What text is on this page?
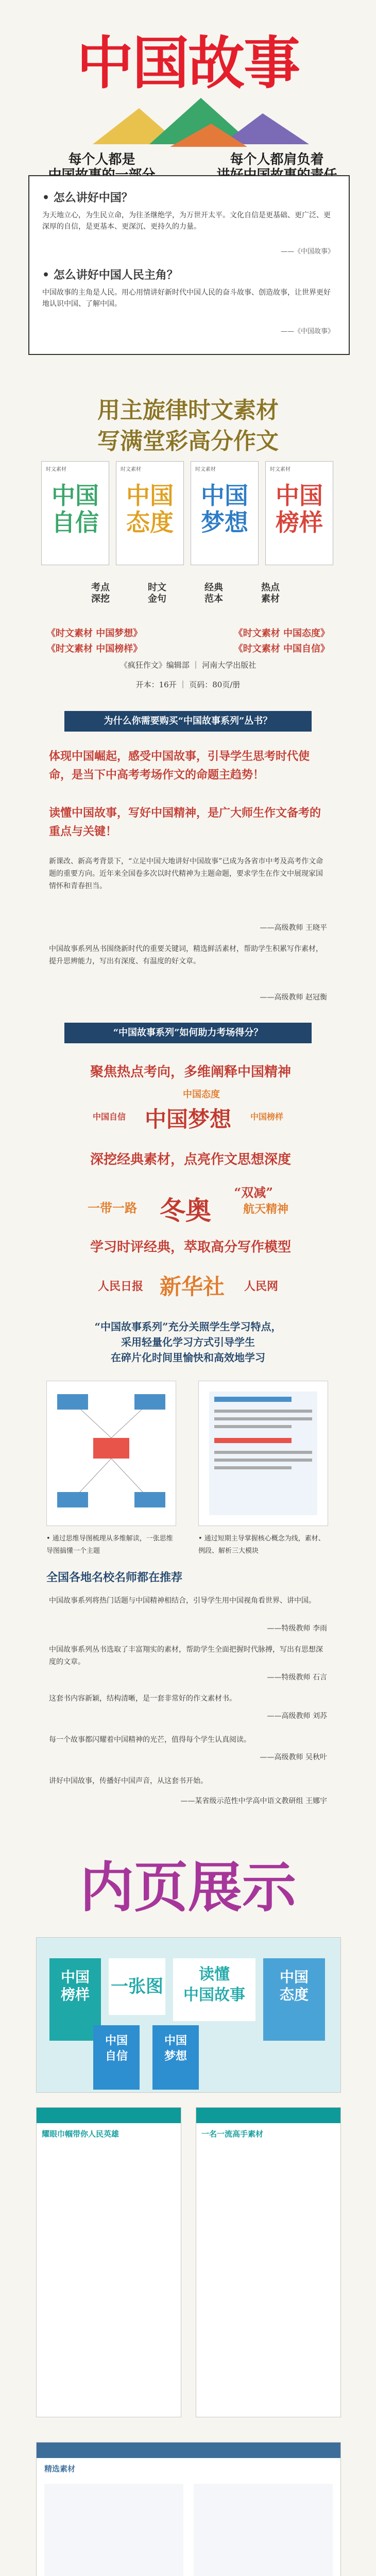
中国故事
每个人都是	每个人都肩负着
• 怎么讲好中国？
为天地立心，为生民立命，为往圣继绝学，为万世开太平。文化自信是更基础、更广泛、更深厚的自信，是更基本、更深沉、更持久的力量。
——《中国故事》
• 怎么讲好中国人民主角？
中国故事的主角是人民。用心用情讲好新时代中国人民的奋斗故事、创造故事，让世界更好地认识中国、了解中国。
——《中国故事》
用主旋律时文素材
写满堂彩高分作文
时文素材
中国
自信
时文素材
中国
态度
时文素材
中国
梦想
时文素材
中国
榜样
考点
深挖
时文
金句
经典
范本
热点
素材
《时文素材 中国梦想》	《时文素材 中国态度》
《时文素材 中国榜样》	《时文素材 中国自信》
《疯狂作文》编辑部 ｜ 河南大学出版社
开本：16开 ｜ 页码：80页/册
为什么你需要购买“中国故事系列”丛书？
体现中国崛起，感受中国故事，引导学生思考时代使命，是当下中高考考场作文的命题主趋势！
读懂中国故事，写好中国精神，是广大师生作文备考的重点与关键！
新课改、新高考背景下，“立足中国大地讲好中国故事”已成为各省市中考及高考作文命题的重要方向。近年来全国卷多次以时代精神为主题命题，要求学生在作文中展现家国情怀和青春担当。
——高级教师 王晓平
中国故事系列丛书围绕新时代的重要关键词，精选鲜活素材，帮助学生积累写作素材，提升思辨能力，写出有深度、有温度的好文章。
——高级教师 赵冠衡
“中国故事系列”如何助力考场得分？
聚焦热点考向，多维阐释中国精神
中国态度
中国梦想
中国自信	中国榜样
深挖经典素材，点亮作文思想深度
一带一路 冬奥
“双减”
航天精神
学习时评经典，萃取高分写作模型
人民日报 新华社 人民网
“中国故事系列”充分关照学生学习特点，
采用轻量化学习方式引导学生
在碎片化时间里愉快和高效地学习
• 通过思维导图梳理从多维解读，一张思维导图搞懂一个主题
• 通过短期主导掌握核心概念为线，素材、例段、解析三大模块
全国各地名校名师都在推荐
中国故事系列将热门话题与中国精神相结合，引导学生用中国视角看世界、讲中国。
——特级教师 李雨
中国故事系列丛书选取了丰富翔实的素材，帮助学生全面把握时代脉搏，写出有思想深度的文章。
——特级教师 石言
这套书内容新颖，结构清晰，是一套非常好的作文素材书。
——高级教师 刘苏
每一个故事都闪耀着中国精神的光芒，值得每个学生认真阅读。
——高级教师 吴秋叶
讲好中国故事，传播好中国声音，从这套书开始。
——某省级示范性中学高中语文教研组 王娜宇
内页展示
中国
榜样	一张图
读懂
中国故事
中国
态度
中国
自信
中国
梦想
耀眼巾帼带你人民英雄	一名一流高手素材
精选素材
